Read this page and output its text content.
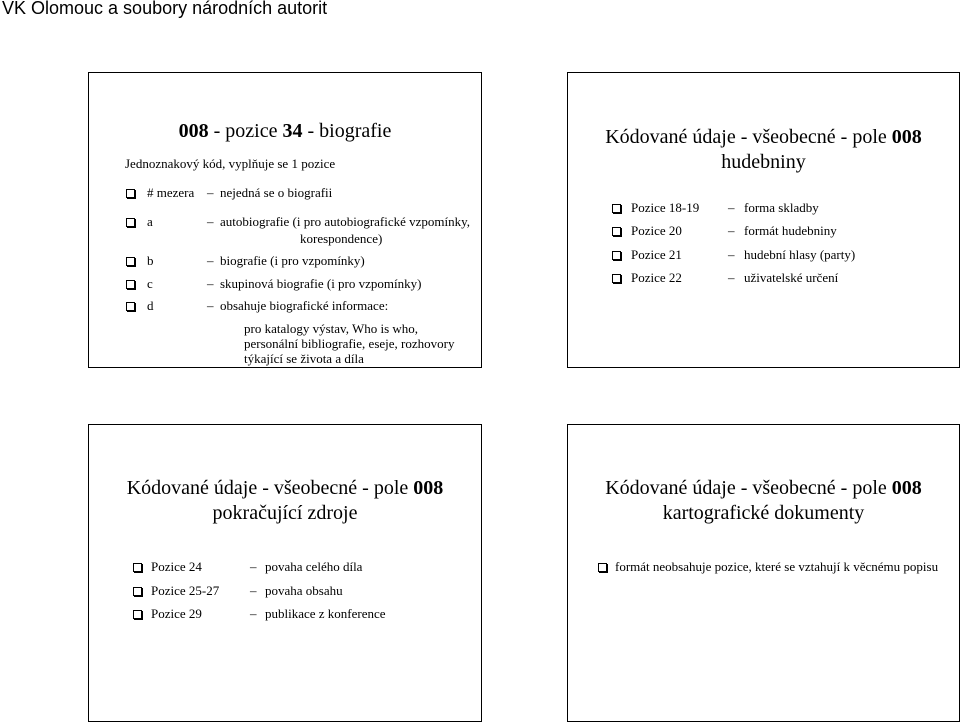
VK Olomouc a soubory národních autorit
008 - pozice 34 - biografie
Jednoznakový kód, vyplňuje se 1 pozice
# mezera – nejedná se o biografii
a	– autobiografie (i pro autobiografické vzpomínky,
korespondence)
b	– biografie (i pro vzpomínky)
c	– skupinová biografie (i pro vzpomínky)
d	– obsahuje biografické informace:
pro katalogy výstav, Who is who, personální bibliografie, eseje, rozhovory týkající se života a díla
Kódované údaje - všeobecné - pole 008
hudebniny
Pozice 18-19 – forma skladby
Pozice 20	– formát hudebniny
Pozice 21	– hudební hlasy (party)
Pozice 22	– uživatelské určení
Kódované údaje - všeobecné - pole 008
pokračující zdroje
Pozice 24	– povaha celého díla
Pozice 25-27 – povaha obsahu
Pozice 29	– publikace z konference
Kódované údaje - všeobecné - pole 008
kartografické dokumenty
formát neobsahuje pozice, které se vztahují k věcnému popisu
